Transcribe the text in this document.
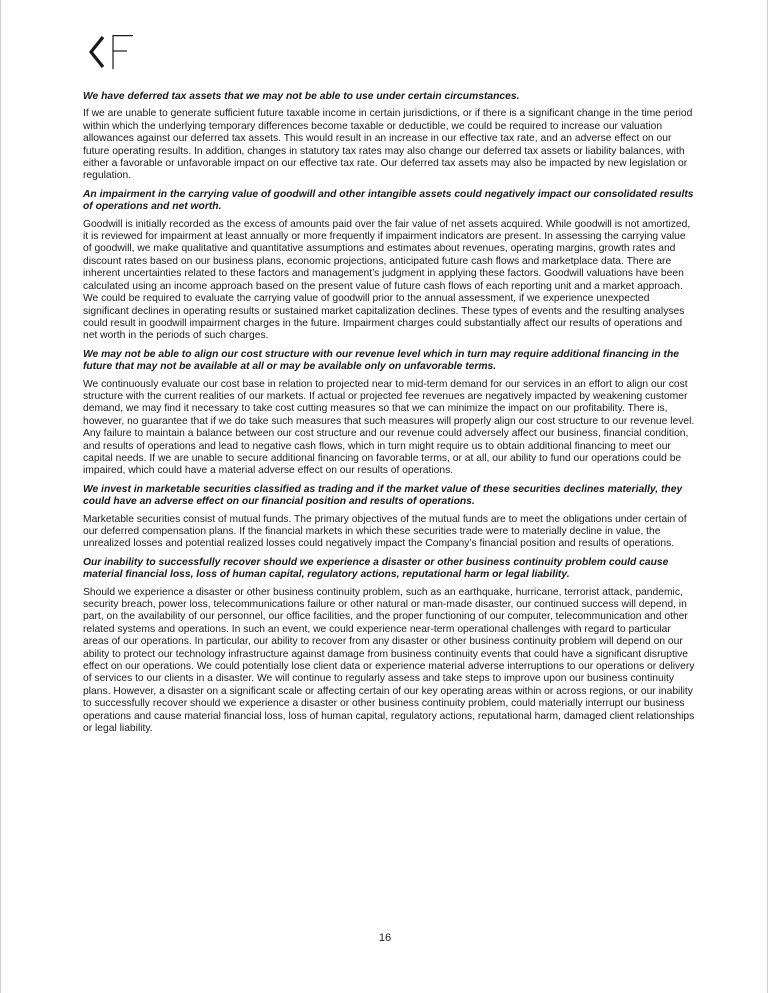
We have deferred tax assets that we may not be able to use under certain circumstances.

If we are unable to generate sufficient future taxable income in certain jurisdictions, or if there is a significant change in the time period within which the underlying temporary differences become taxable or deductible, we could be required to increase our valuation allowances against our deferred tax assets. This would result in an increase in our effective tax rate, and an adverse effect on our future operating results. In addition, changes in statutory tax rates may also change our deferred tax assets or liability balances, with either a favorable or unfavorable impact on our effective tax rate. Our deferred tax assets may also be impacted by new legislation or regulation.

An impairment in the carrying value of goodwill and other intangible assets could negatively impact our consolidated results of operations and net worth.

Goodwill is initially recorded as the excess of amounts paid over the fair value of net assets acquired. While goodwill is not amortized, it is reviewed for impairment at least annually or more frequently if impairment indicators are present. In assessing the carrying value of goodwill, we make qualitative and quantitative assumptions and estimates about revenues, operating margins, growth rates and discount rates based on our business plans, economic projections, anticipated future cash flows and marketplace data. There are inherent uncertainties related to these factors and management’s judgment in applying these factors. Goodwill valuations have been calculated using an income approach based on the present value of future cash flows of each reporting unit and a market approach. We could be required to evaluate the carrying value of goodwill prior to the annual assessment, if we experience unexpected significant declines in operating results or sustained market capitalization declines. These types of events and the resulting analyses could result in goodwill impairment charges in the future. Impairment charges could substantially affect our results of operations and net worth in the periods of such charges.

We may not be able to align our cost structure with our revenue level which in turn may require additional financing in the future that may not be available at all or may be available only on unfavorable terms.

We continuously evaluate our cost base in relation to projected near to mid-term demand for our services in an effort to align our cost structure with the current realities of our markets. If actual or projected fee revenues are negatively impacted by weakening customer demand, we may find it necessary to take cost cutting measures so that we can minimize the impact on our profitability. There is, however, no guarantee that if we do take such measures that such measures will properly align our cost structure to our revenue level. Any failure to maintain a balance between our cost structure and our revenue could adversely affect our business, financial condition, and results of operations and lead to negative cash flows, which in turn might require us to obtain additional financing to meet our capital needs. If we are unable to secure additional financing on favorable terms, or at all, our ability to fund our operations could be impaired, which could have a material adverse effect on our results of operations.

We invest in marketable securities classified as trading and if the market value of these securities declines materially, they could have an adverse effect on our financial position and results of operations.

Marketable securities consist of mutual funds. The primary objectives of the mutual funds are to meet the obligations under certain of our deferred compensation plans. If the financial markets in which these securities trade were to materially decline in value, the unrealized losses and potential realized losses could negatively impact the Company’s financial position and results of operations.

Our inability to successfully recover should we experience a disaster or other business continuity problem could cause material financial loss, loss of human capital, regulatory actions, reputational harm or legal liability.

Should we experience a disaster or other business continuity problem, such as an earthquake, hurricane, terrorist attack, pandemic, security breach, power loss, telecommunications failure or other natural or man-made disaster, our continued success will depend, in part, on the availability of our personnel, our office facilities, and the proper functioning of our computer, telecommunication and other related systems and operations. In such an event, we could experience near-term operational challenges with regard to particular areas of our operations. In particular, our ability to recover from any disaster or other business continuity problem will depend on our ability to protect our technology infrastructure against damage from business continuity events that could have a significant disruptive effect on our operations. We could potentially lose client data or experience material adverse interruptions to our operations or delivery of services to our clients in a disaster. We will continue to regularly assess and take steps to improve upon our business continuity plans. However, a disaster on a significant scale or affecting certain of our key operating areas within or across regions, or our inability to successfully recover should we experience a disaster or other business continuity problem, could materially interrupt our business operations and cause material financial loss, loss of human capital, regulatory actions, reputational harm, damaged client relationships or legal liability.

16
